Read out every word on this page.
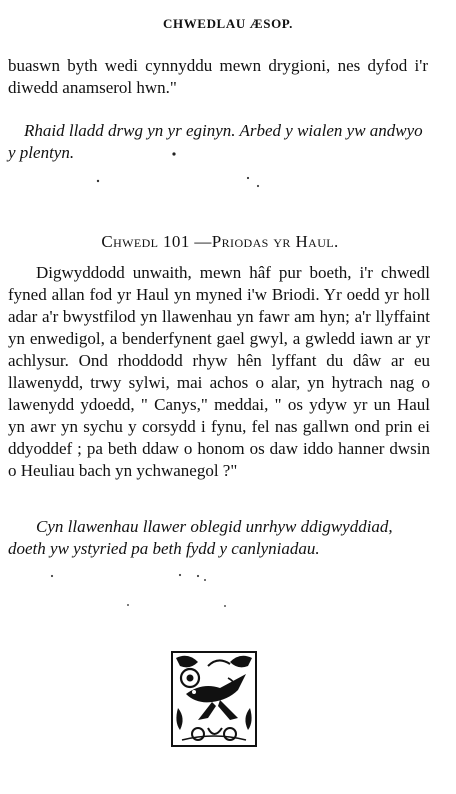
CHWEDLAU ÆSOP.
buaswn byth wedi cynnyddu mewn drygioni, nes dyfod i'r diwedd anamserol hwn."
Rhaid lladd drwg yn yr eginyn. Arbed y wialen yw andwyo y plentyn.
Chwedl 101 —Priodas yr Haul.
Digwyddodd unwaith, mewn hâf pur boeth, i'r chwedl fyned allan fod yr Haul yn myned i'w Briodi. Yr oedd yr holl adar a'r bwystfilod yn llawenhau yn fawr am hyn; a'r llyffaint yn enwedigol, a benderfynent gael gwyl, a gwledd iawn ar yr achlysur. Ond rhoddodd rhyw hên lyffant du dâw ar eu llawenydd, trwy sylwi, mai achos o alar, yn hytrach nag o lawenydd ydoedd, " Canys," meddai, " os ydyw yr un Haul yn awr yn sychu y corsydd i fynu, fel nas gallwn ond prin ei ddyoddef ; pa beth ddaw o honom os daw iddo hanner dwsin o Heuliau bach yn ychwanegol ?"
Cyn llawenhau llawer oblegid unrhyw ddigwyddiad, doeth yw ystyried pa beth fydd y canlyniadau.
